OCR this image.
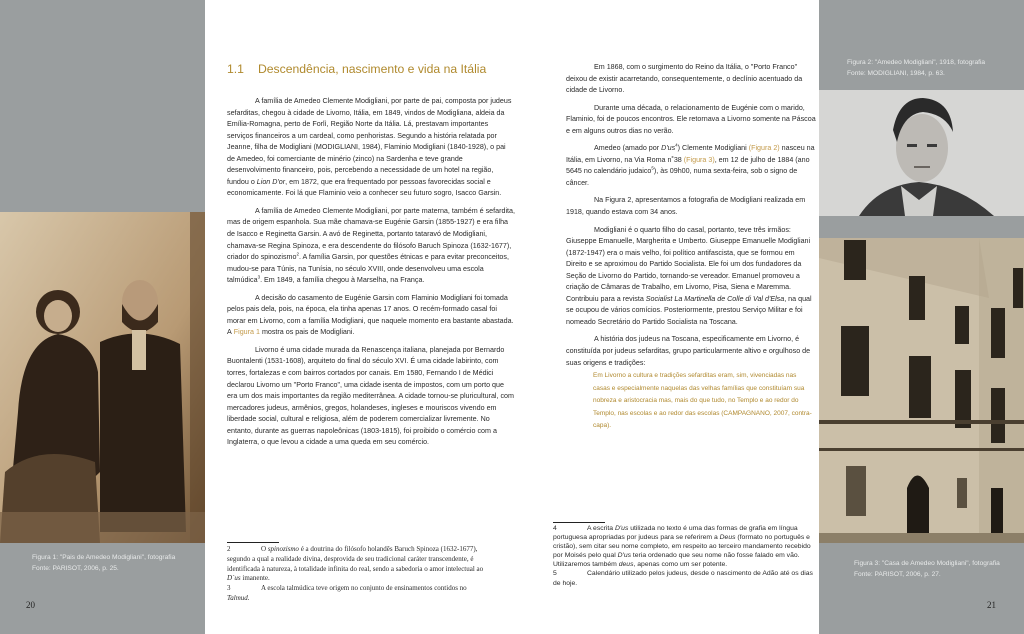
Figura 1: "Pais de Amedeo Modigliani", fotografia
Fonte: PARISOT, 2006, p. 25.
20
1.1 Descendência, nascimento e vida na Itália

A família de Amedeo Clemente Modigliani, por parte de pai, composta por judeus sefarditas, chegou à cidade de Livorno, Itália, em 1849, vindos de Modigliana, aldeia da Emília-Romagna, perto de Forlì, Região Norte da Itália. Lá, prestavam importantes serviços financeiros a um cardeal, como penhoristas. Segundo a história relatada por Jeanne, filha de Modigliani (MODIGLIANI, 1984), Flaminio Modigliani (1840-1928), o pai de Amedeo, foi comerciante de minério (zinco) na Sardenha e teve grande desenvolvimento financeiro, pois, percebendo a necessidade de um hotel na região, fundou o Lion D'or, em 1872, que era frequentado por pessoas favorecidas social e economicamente. Foi lá que Flaminio veio a conhecer seu futuro sogro, Isacco Garsin.

A família de Amedeo Clemente Modigliani, por parte materna, também é sefardita, mas de origem espanhola. Sua mãe chamava-se Eugénie Garsin (1855-1927) e era filha de Isacco e Reginetta Garsin. A avó de Reginetta, portanto tataravó de Modigliani, chamava-se Regina Spinoza, e era descendente do filósofo Baruch Spinoza (1632-1677), criador do spinozismo$^2$. A família Garsin, por questões étnicas e para evitar preconceitos, mudou-se para Túnis, na Tunísia, no século XVIII, onde desenvolveu uma escola talmúdica$^3$. Em 1849, a família chegou à Marselha, na França.

A decisão do casamento de Eugénie Garsin com Flaminio Modigliani foi tomada pelos pais dela, pois, na época, ela tinha apenas 17 anos. O recém-formado casal foi morar em Livorno, com a família Modigliani, que naquele momento era bastante abastada. A Figura 1 mostra os pais de Modigliani.

Livorno é uma cidade murada da Renascença italiana, planejada por Bernardo Buontalenti (1531-1608), arquiteto do final do século XVI. É uma cidade labirinto, com torres, fortalezas e com bairros cortados por canais. Em 1580, Fernando I de Médici declarou Livorno um "Porto Franco", uma cidade isenta de impostos, com um porto que era um dos mais importantes da região mediterrânea. A cidade tornou-se pluricultural, com mercadores judeus, armênios, gregos, holandeses, ingleses e mouriscos vivendo em liberdade social, cultural e religiosa, além de poderem comercializar livremente. No entanto, durante as guerras napoleônicas (1803-1815), foi proibido o comércio com a Inglaterra, o que levou a cidade a uma queda em seu comércio.

2	O spinozismo é a doutrina do filósofo holandês Baruch Spinoza (1632-1677), segundo a qual a realidade divina, desprovida de seu tradicional caráter transcendente, é identificada à natureza, à totalidade infinita do real, sendo a sabedoria o amor intelectual ao D´us imanente.
3	A escola talmúdica teve origem no conjunto de ensinamentos contidos no Talmud.

Em 1868, com o surgimento do Reino da Itália, o "Porto Franco" deixou de existir acarretando, consequentemente, o declínio acentuado da cidade de Livorno.

Durante uma década, o relacionamento de Eugénie com o marido, Flaminio, foi de poucos encontros. Ele retornava a Livorno somente na Páscoa e em alguns outros dias no verão.

Amedeo (amado por $D'us^4$) Clemente Modigliani (Figura 2) nasceu na Itália, em Livorno, na Via Roma n˚38 (Figura 3), em 12 de julho de 1884 (ano 5645 no calendário judaico$^5$), às 09h00, numa sexta-feira, sob o signo de câncer.

Na Figura 2, apresentamos a fotografia de Modigliani realizada em 1918, quando estava com 34 anos.

Modigliani é o quarto filho do casal, portanto, teve três irmãos: Giuseppe Emanuelle, Margherita e Umberto. Giuseppe Emanuelle Modigliani (1872-1947) era o mais velho, foi político antifascista, que se formou em Direito e se aproximou do Partido Socialista. Ele foi um dos fundadores da Seção de Livorno do Partido, tornando-se vereador. Emanuel promoveu a criação de Câmaras de Trabalho, em Livorno, Pisa, Siena e Maremma. Contribuiu para a revista Socialist La Martinella de Colle di Val d'Elsa, na qual se ocupou de vários comícios. Posteriormente, prestou Serviço Militar e foi nomeado Secretário do Partido Socialista na Toscana.

A história dos judeus na Toscana, especificamente em Livorno, é constituída por judeus sefarditas, grupo particularmente altivo e orgulhoso de suas origens e tradições:

Em Livorno a cultura e tradições sefarditas eram, sim, vivenciadas nas casas e especialmente naquelas das velhas famílias que constituíam sua nobreza e aristocracia mas, mais do que tudo, no Templo e ao redor do Templo, nas escolas e ao redor das escolas (CAMPAGNANO, 2007, contra-capa).
4	A escrita D'us utilizada no texto é uma das formas de grafia em língua portuguesa apropriadas por judeus para se referirem a Deus (formato no português e cristão), sem citar seu nome completo, em respeito ao terceiro mandamento recebido por Moisés pelo qual D'us teria ordenado que seu nome não fosse falado em vão. Utilizaremos também deus, apenas como um ser potente.
5	Calendário utilizado pelos judeus, desde o nascimento de Adão até os dias de hoje.
Figura 2: "Amedeo Modigliani", 1918, fotografia
Fonte: MODIGLIANI, 1984, p. 63.
Figura 3: "Casa de Amedeo Modigliani", fotografia
Fonte: PARISOT, 2006, p. 27.
21
